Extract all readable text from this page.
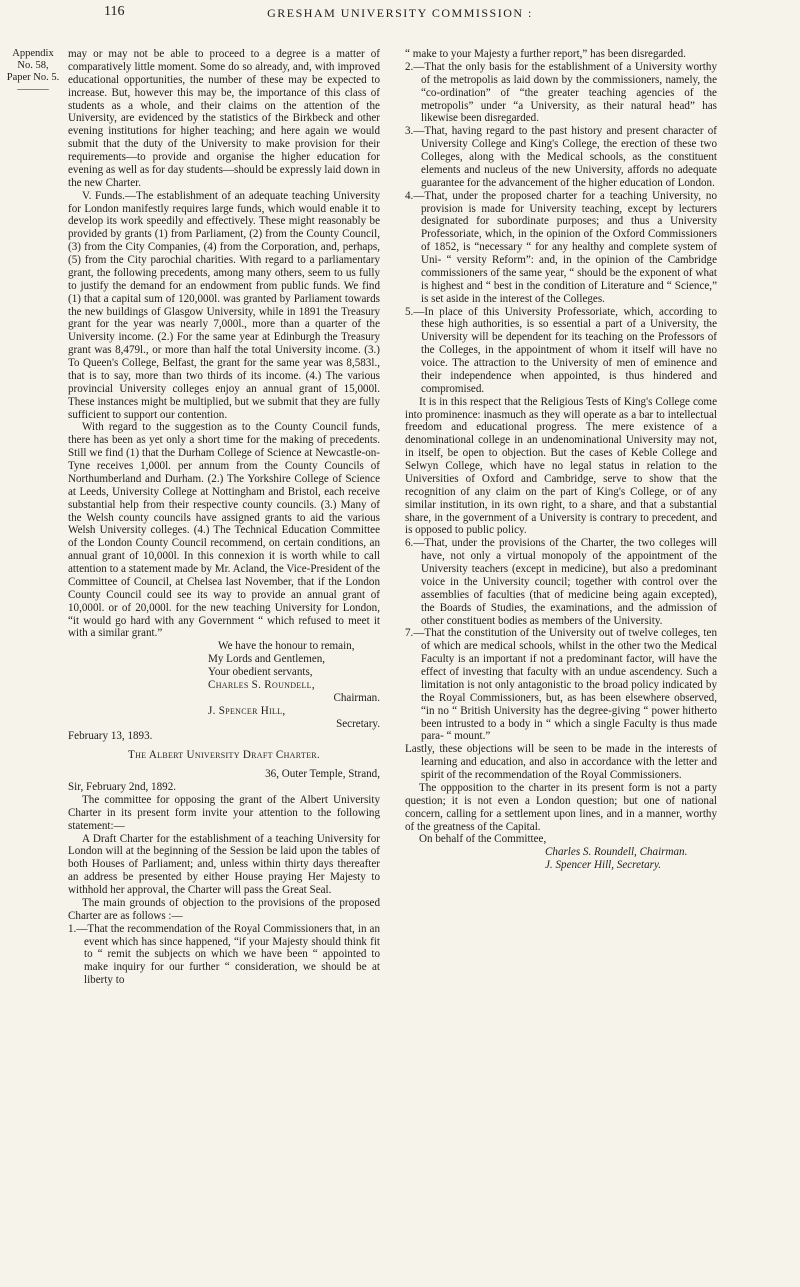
116	GRESHAM UNIVERSITY COMMISSION :
Appendix
No. 58,
Paper No. 5.
———

may or may not be able to proceed to a degree is a matter of comparatively little moment. Some do so already, and, with improved educational opportunities, the number of these may be expected to increase. But, however this may be, the importance of this class of students as a whole, and their claims on the attention of the University, are evidenced by the statistics of the Birkbeck and other evening institutions for higher teaching; and here again we would submit that the duty of the University to make provision for their requirements—to provide and organise the higher education for evening as well as for day students—should be expressly laid down in the new Charter.

V. Funds.—The establishment of an adequate teaching University for London manifestly requires large funds, which would enable it to develop its work speedily and effectively. These might reasonably be provided by grants (1) from Parliament, (2) from the County Council, (3) from the City Companies, (4) from the Corporation, and, perhaps, (5) from the City parochial charities. With regard to a parliamentary grant, the following precedents, among many others, seem to us fully to justify the demand for an endowment from public funds. We find (1) that a capital sum of 120,000l. was granted by Parliament towards the new buildings of Glasgow University, while in 1891 the Treasury grant for the year was nearly 7,000l., more than a quarter of the University income. (2.) For the same year at Edinburgh the Treasury grant was 8,479l., or more than half the total University income. (3.) To Queen's College, Belfast, the grant for the same year was 8,583l., that is to say, more than two thirds of its income. (4.) The various provincial University colleges enjoy an annual grant of 15,000l. These instances might be multiplied, but we submit that they are fully sufficient to support our contention.

With regard to the suggestion as to the County Council funds, there has been as yet only a short time for the making of precedents. Still we find (1) that the Durham College of Science at Newcastle-on-Tyne receives 1,000l. per annum from the County Councils of Northumberland and Durham. (2.) The Yorkshire College of Science at Leeds, University College at Nottingham and Bristol, each receive substantial help from their respective county councils. (3.) Many of the Welsh county councils have assigned grants to aid the various Welsh University colleges. (4.) The Technical Education Committee of the London County Council recommend, on certain conditions, an annual grant of 10,000l. In this connexion it is worth while to call attention to a statement made by Mr. Acland, the Vice-President of the Committee of Council, at Chelsea last November, that if the London County Council could see its way to provide an annual grant of 10,000l. or of 20,000l. for the new teaching University for London, “it would go hard with any Government “ which refused to meet it with a similar grant.”

We have the honour to remain,

My Lords and Gentlemen,

Your obedient servants,

Charles S. Roundell,

Chairman.

J. Spencer Hill,

Secretary.

February 13, 1893.

The Albert University Draft Charter.

36, Outer Temple, Strand,

Sir, February 2nd, 1892.

The committee for opposing the grant of the Albert University Charter in its present form invite your attention to the following statement:—

A Draft Charter for the establishment of a teaching University for London will at the beginning of the Session be laid upon the tables of both Houses of Parliament; and, unless within thirty days thereafter an address be presented by either House praying Her Majesty to withhold her approval, the Charter will pass the Great Seal.

The main grounds of objection to the provisions of the proposed Charter are as follows :—

1.—That the recommendation of the Royal Commissioners that, in an event which has since happened, “if your Majesty should think fit to “ remit the subjects on which we have been “ appointed to make inquiry for our further “ consideration, we should be at liberty to

“ make to your Majesty a further report,” has been disregarded.

2.—That the only basis for the establishment of a University worthy of the metropolis as laid down by the commissioners, namely, the “co-ordination” of “the greater teaching agencies of the metropolis” under “a University, as their natural head” has likewise been disregarded.

3.—That, having regard to the past history and present character of University College and King's College, the erection of these two Colleges, along with the Medical schools, as the constituent elements and nucleus of the new University, affords no adequate guarantee for the advancement of the higher education of London.

4.—That, under the proposed charter for a teaching University, no provision is made for University teaching, except by lecturers designated for subordinate purposes; and thus a University Professoriate, which, in the opinion of the Oxford Commissioners of 1852, is “necessary “ for any healthy and complete system of Uni- “ versity Reform”: and, in the opinion of the Cambridge commissioners of the same year, “ should be the exponent of what is highest and “ best in the condition of Literature and “ Science,” is set aside in the interest of the Colleges.

5.—In place of this University Professoriate, which, according to these high authorities, is so essential a part of a University, the University will be dependent for its teaching on the Professors of the Colleges, in the appointment of whom it itself will have no voice. The attraction to the University of men of eminence and their independence when appointed, is thus hindered and compromised.

It is in this respect that the Religious Tests of King's College come into prominence: inasmuch as they will operate as a bar to intellectual freedom and educational progress. The mere existence of a denominational college in an undenominational University may not, in itself, be open to objection. But the cases of Keble College and Selwyn College, which have no legal status in relation to the Universities of Oxford and Cambridge, serve to show that the recognition of any claim on the part of King's College, or of any similar institution, in its own right, to a share, and that a substantial share, in the government of a University is contrary to precedent, and is opposed to public policy.

6.—That, under the provisions of the Charter, the two colleges will have, not only a virtual monopoly of the appointment of the University teachers (except in medicine), but also a predominant voice in the University council; together with control over the assemblies of faculties (that of medicine being again excepted), the Boards of Studies, the examinations, and the admission of other constituent bodies as members of the University.

7.—That the constitution of the University out of twelve colleges, ten of which are medical schools, whilst in the other two the Medical Faculty is an important if not a predominant factor, will have the effect of investing that faculty with an undue ascendency. Such a limitation is not only antagonistic to the broad policy indicated by the Royal Commissioners, but, as has been elsewhere observed, “in no “ British University has the degree-giving “ power hitherto been intrusted to a body in “ which a single Faculty is thus made para- “ mount.”

Lastly, these objections will be seen to be made in the interests of learning and education, and also in accordance with the letter and spirit of the recommendation of the Royal Commissioners.

The oppposition to the charter in its present form is not a party question; it is not even a London question; but one of national concern, calling for a settlement upon lines, and in a manner, worthy of the greatness of the Capital.

On behalf of the Committee,

Charles S. Roundell, Chairman.

J. Spencer Hill, Secretary.
